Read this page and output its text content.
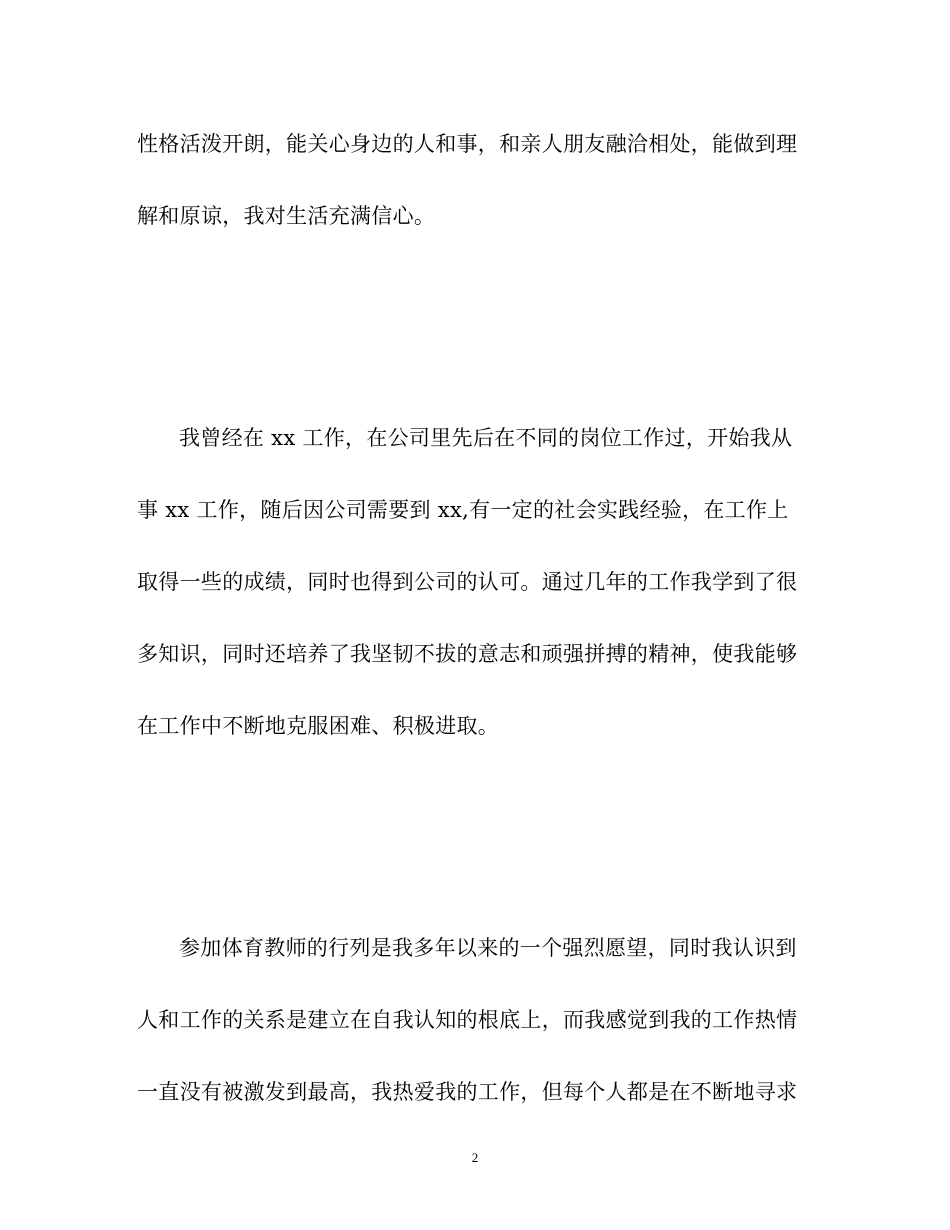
性格活泼开朗，能关心身边的人和事，和亲人朋友融洽相处，能做到理
解和原谅，我对生活充满信心。
我曾经在 xx 工作，在公司里先后在不同的岗位工作过，开始我从
事 xx 工作，随后因公司需要到 xx,有一定的社会实践经验，在工作上
取得一些的成绩，同时也得到公司的认可。通过几年的工作我学到了很
多知识，同时还培养了我坚韧不拔的意志和顽强拼搏的精神，使我能够
在工作中不断地克服困难、积极进取。
参加体育教师的行列是我多年以来的一个强烈愿望，同时我认识到
人和工作的关系是建立在自我认知的根底上，而我感觉到我的工作热情
一直没有被激发到最高，我热爱我的工作，但每个人都是在不断地寻求
2
